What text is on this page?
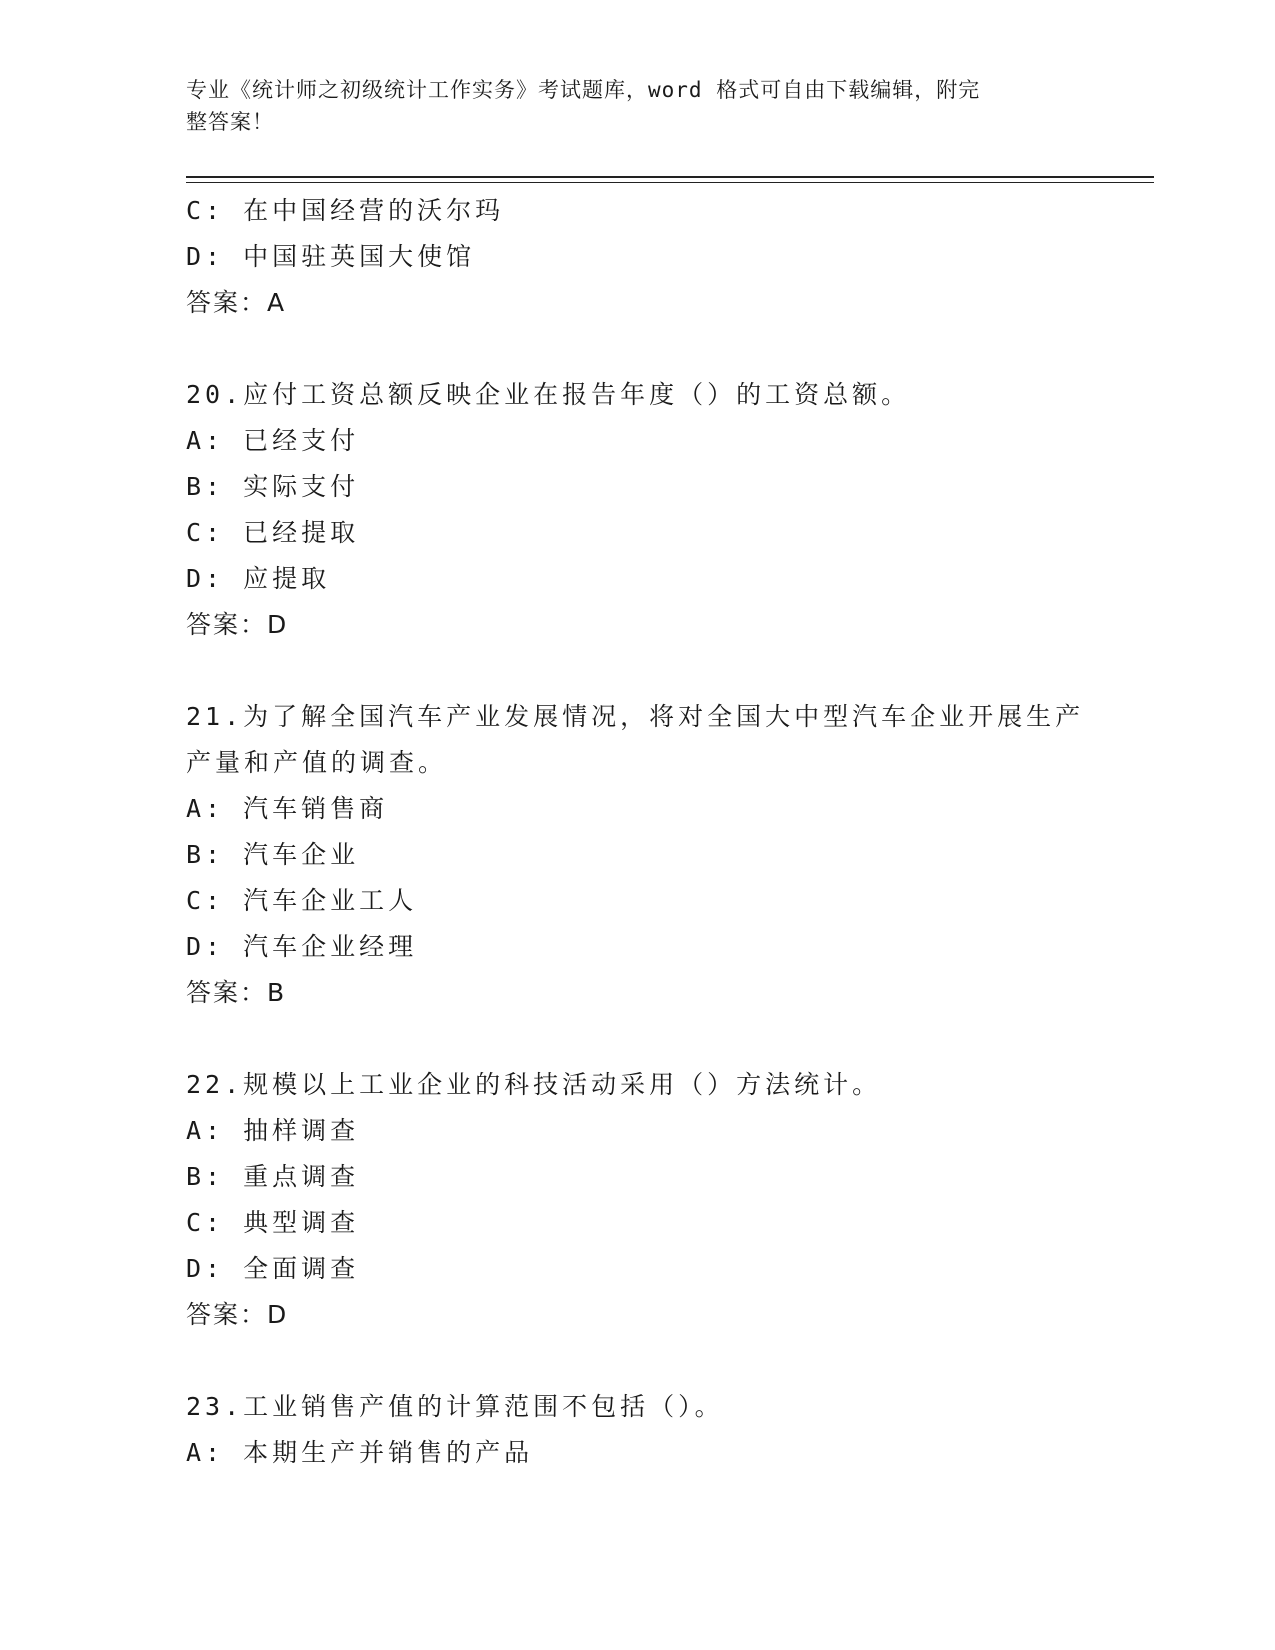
专业《统计师之初级统计工作实务》考试题库，word 格式可自由下载编辑，附完
整答案！
C: 在中国经营的沃尔玛
D: 中国驻英国大使馆
答案：A
20.应付工资总额反映企业在报告年度（）的工资总额。
A: 已经支付
B: 实际支付
C: 已经提取
D: 应提取
答案：D
21.为了解全国汽车产业发展情况，将对全国大中型汽车企业开展生产
产量和产值的调查。
A: 汽车销售商
B: 汽车企业
C: 汽车企业工人
D: 汽车企业经理
答案：B
22.规模以上工业企业的科技活动采用（）方法统计。
A: 抽样调查
B: 重点调查
C: 典型调查
D: 全面调查
答案：D
23.工业销售产值的计算范围不包括（）。
A: 本期生产并销售的产品
